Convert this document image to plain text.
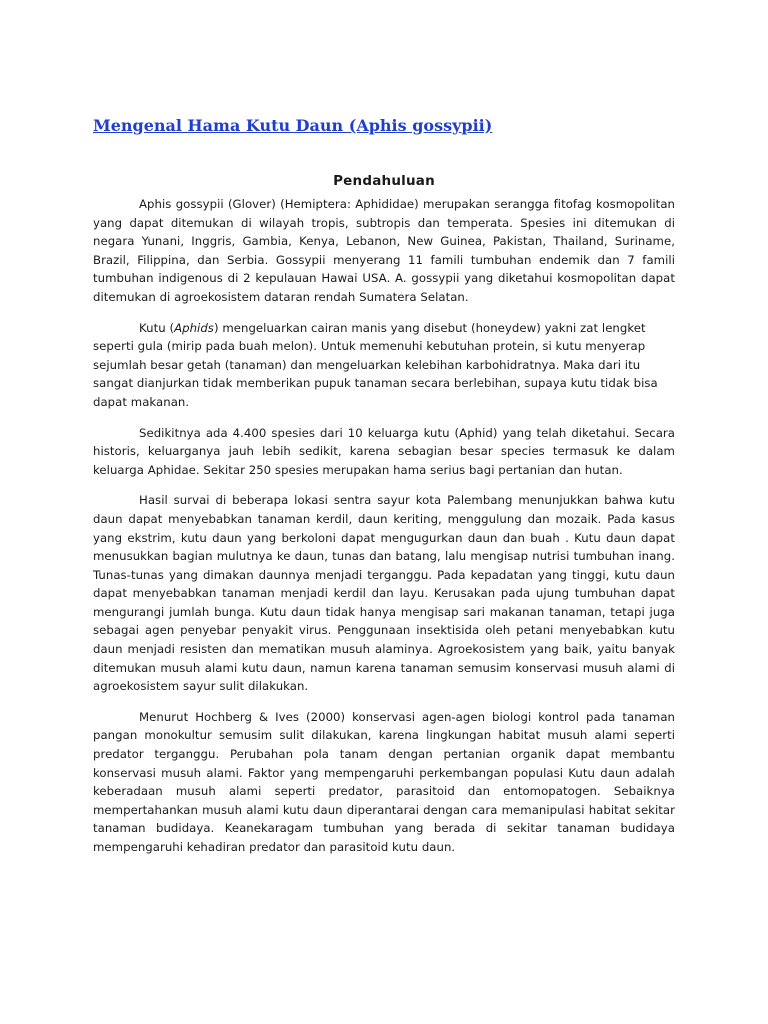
Mengenal Hama Kutu Daun (Aphis gossypii)
Pendahuluan

Aphis gossypii (Glover) (Hemiptera: Aphididae) merupakan serangga fitofag kosmopolitan yang dapat ditemukan di wilayah tropis, subtropis dan temperata. Spesies ini ditemukan di negara Yunani, Inggris, Gambia, Kenya, Lebanon, New Guinea, Pakistan, Thailand, Suriname, Brazil, Filippina, dan Serbia. Gossypii menyerang 11 famili tumbuhan endemik dan 7 famili tumbuhan indigenous di 2 kepulauan Hawai USA. A. gossypii yang diketahui kosmopolitan dapat ditemukan di agroekosistem dataran rendah Sumatera Selatan.

Kutu (Aphids) mengeluarkan cairan manis yang disebut (honeydew) yakni zat lengket seperti gula (mirip pada buah melon). Untuk memenuhi kebutuhan protein, si kutu menyerap sejumlah besar getah (tanaman) dan mengeluarkan kelebihan karbohidratnya. Maka dari itu sangat dianjurkan tidak memberikan pupuk tanaman secara berlebihan, supaya kutu tidak bisa dapat makanan.

Sedikitnya ada 4.400 spesies dari 10 keluarga kutu (Aphid) yang telah diketahui. Secara historis, keluarganya jauh lebih sedikit, karena sebagian besar species termasuk ke dalam keluarga Aphidae. Sekitar 250 spesies merupakan hama serius bagi pertanian dan hutan.

Hasil survai di beberapa lokasi sentra sayur kota Palembang menunjukkan bahwa kutu daun dapat menyebabkan tanaman kerdil, daun keriting, menggulung dan mozaik. Pada kasus yang ekstrim, kutu daun yang berkoloni dapat mengugurkan daun dan buah . Kutu daun dapat menusukkan bagian mulutnya ke daun, tunas dan batang, lalu mengisap nutrisi tumbuhan inang. Tunas-tunas yang dimakan daunnya menjadi terganggu. Pada kepadatan yang tinggi, kutu daun dapat menyebabkan tanaman menjadi kerdil dan layu. Kerusakan pada ujung tumbuhan dapat mengurangi jumlah bunga. Kutu daun tidak hanya mengisap sari makanan tanaman, tetapi juga sebagai agen penyebar penyakit virus. Penggunaan insektisida oleh petani menyebabkan kutu daun menjadi resisten dan mematikan musuh alaminya. Agroekosistem yang baik, yaitu banyak ditemukan musuh alami kutu daun, namun karena tanaman semusim konservasi musuh alami di agroekosistem sayur sulit dilakukan.

Menurut Hochberg & Ives (2000) konservasi agen-agen biologi kontrol pada tanaman pangan monokultur semusim sulit dilakukan, karena lingkungan habitat musuh alami seperti predator terganggu. Perubahan pola tanam dengan pertanian organik dapat membantu konservasi musuh alami. Faktor yang mempengaruhi perkembangan populasi Kutu daun adalah keberadaan musuh alami seperti predator, parasitoid dan entomopatogen. Sebaiknya mempertahankan musuh alami kutu daun diperantarai dengan cara memanipulasi habitat sekitar tanaman budidaya. Keanekaragam tumbuhan yang berada di sekitar tanaman budidaya mempengaruhi kehadiran predator dan parasitoid kutu daun.
